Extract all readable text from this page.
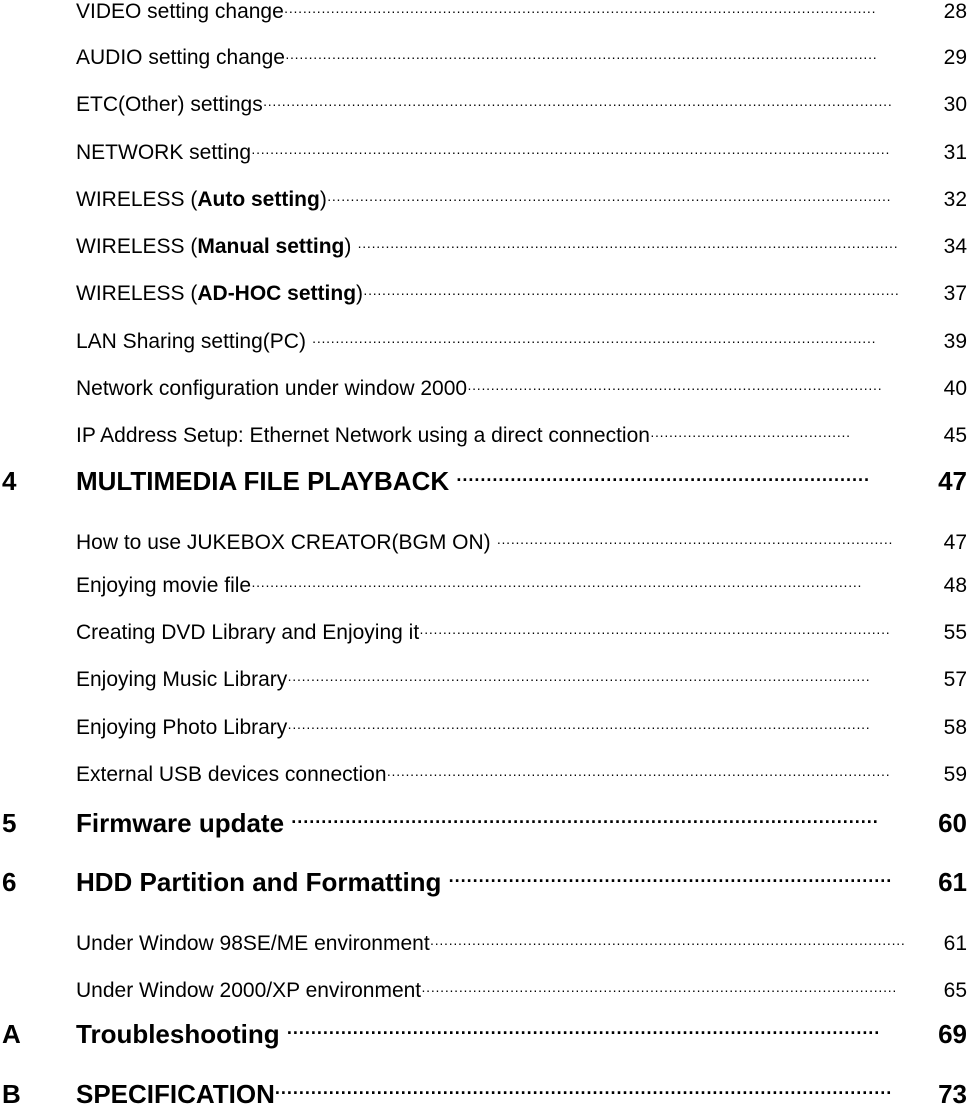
VIDEO setting change·······························································································································	28
AUDIO setting change·······························································································································	29
ETC(Other) settings······································································································································· 30
NETWORK setting·········································································································································	31
WIRELESS (Auto setting)·························································································································	32
WIRELESS (Manual setting) ···················································································································· 34
WIRELESS (AD-HOC setting)··················································································································· 37
LAN Sharing setting(PC) ·························································································································	39
Network configuration under window 2000·························································································	40
IP Address Setup: Ethernet Network using a direct connection···········································	45
4 MULTIMEDIA FILE PLAYBACK ·····································································	47
How to use JUKEBOX CREATOR(BGM ON) ····················································································· 47
Enjoying movie file···································································································································	48
Creating DVD Library and Enjoying it·····································································································	55
Enjoying Music Library·····························································································································	57
Enjoying Photo Library·····························································································································	58
External USB devices connection············································································································	59
5 Firmware update ·································································································· 60
6 HDD Partition and Formatting ·········································································· 61
Under Window 98SE/ME environment······································································································ 61
Under Window 2000/XP environment······································································································ 65
A Troubleshooting ··································································································· 69
B SPECIFICATION······································································································· 73
